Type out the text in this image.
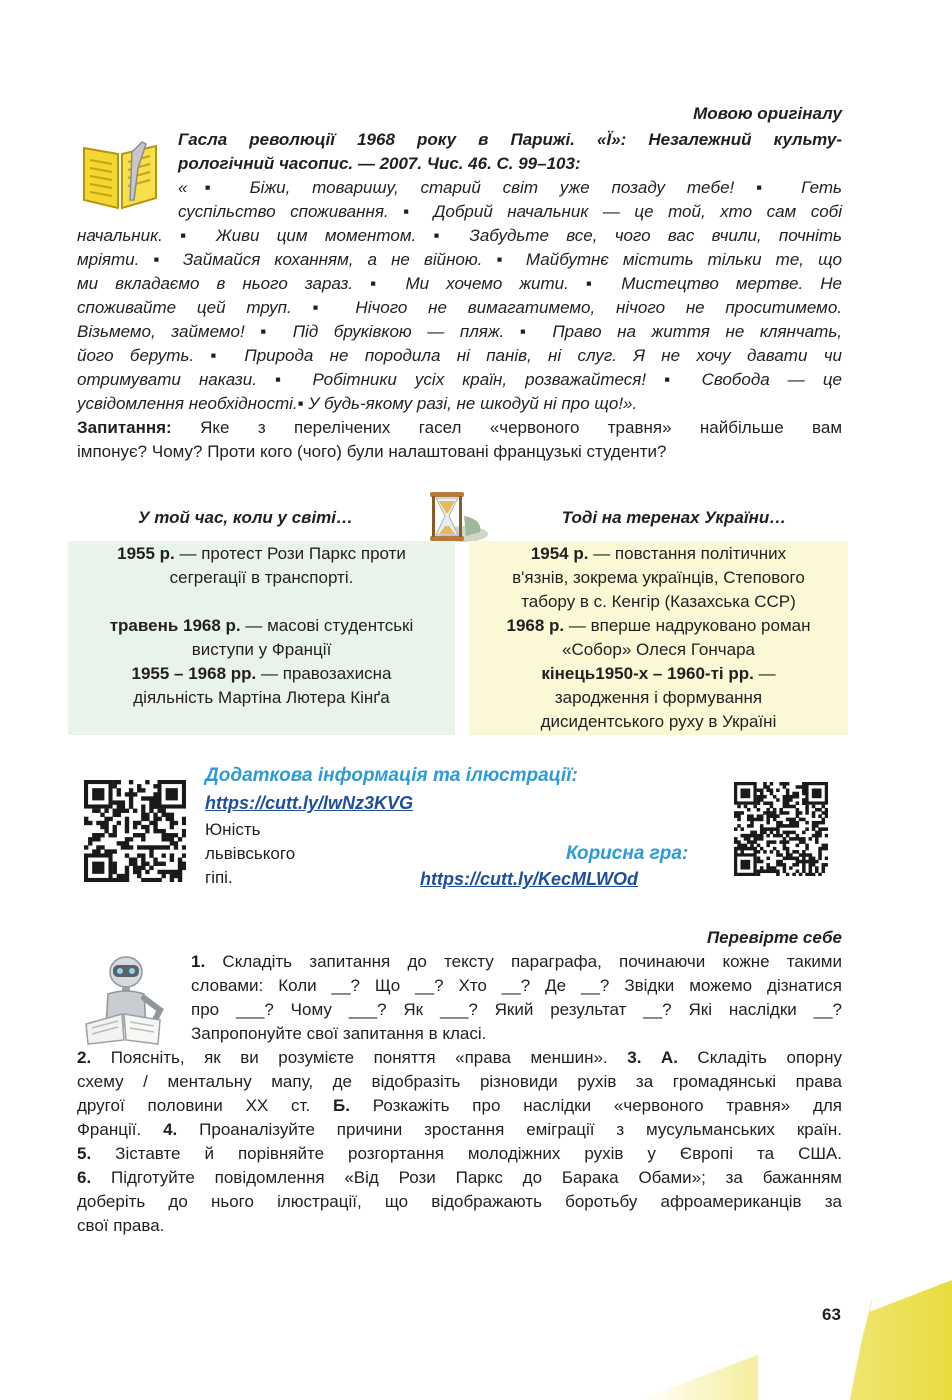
Мовою оригіналу
Гасла революції 1968 року в Парижі. «Ї»: Незалежний культу-
рологічний часопис. — 2007. Чис. 46. С. 99–103:
«▪ Біжи, товаришу, старий світ уже позаду тебе! ▪ Геть
суспільство споживання. ▪ Добрий начальник — це той, хто сам собі
начальник. ▪ Живи цим моментом. ▪ Забудьте все, чого вас вчили, почніть
мріяти. ▪ Займайся коханням, а не війною. ▪ Майбутнє містить тільки те, що
ми вкладаємо в нього зараз. ▪ Ми хочемо жити. ▪ Мистецтво мертве. Не
споживайте цей труп. ▪ Нічого не вимагатимемо, нічого не проситимемо.
Візьмемо, займемо! ▪ Під бруківкою — пляж. ▪ Право на життя не клянчать,
його беруть. ▪ Природа не породила ні панів, ні слуг. Я не хочу давати чи
отримувати накази. ▪ Робітники усіх країн, розважайтеся! ▪ Свобода — це
усвідомлення необхідності.▪ У будь-якому разі, не шкодуй ні про що!».
Запитання: Яке з перелічених гасел «червоного травня» найбільше вам
імпонує? Чому? Проти кого (чого) були налаштовані французькі студенти?
У той час, коли у світі…	Тоді на теренах України…
1955 р. — протест Рози Паркс проти
сегрегації в транспорті.
травень 1968 р. — масові студентські
виступи у Франції
1955 – 1968 рр. — правозахисна
діяльність Мартіна Лютера Кінґа
1954 р. — повстання політичних
в'язнів, зокрема українців, Степового
табору в с. Кенгір (Казахська ССР)
1968 р. — вперше надруковано роман
«Собор» Олеся Гончара
кінець1950-х – 1960-ті рр. —
зародження і формування
дисидентського руху в Україні
Додаткова інформація та ілюстрації:
https://cutt.ly/lwNz3KVG
Юність
львівського
гіпі.
Корисна гра:
https://cutt.ly/KecMLWOd
Перевірте себе
1. Складіть запитання до тексту параграфа, починаючи кожне такими
словами: Коли __? Що __? Хто __? Де __? Звідки можемо дізнатися
про ___? Чому ___? Як ___? Який результат __? Які наслідки __?
Запропонуйте свої запитання в класі.
2. Поясніть, як ви розумієте поняття «права меншин». 3. А. Складіть опорну
схему / ментальну мапу, де відобразіть різновиди рухів за громадянські права
другої половини ХХ ст. Б. Розкажіть про наслідки «червоного травня» для
Франції. 4. Проаналізуйте причини зростання еміграції з мусульманських країн.
5. Зіставте й порівняйте розгортання молодіжних рухів у Європі та США.
6. Підготуйте повідомлення «Від Рози Паркс до Барака Обами»; за бажанням
доберіть до нього ілюстрації, що відображають боротьбу афроамериканців за
свої права.
63
